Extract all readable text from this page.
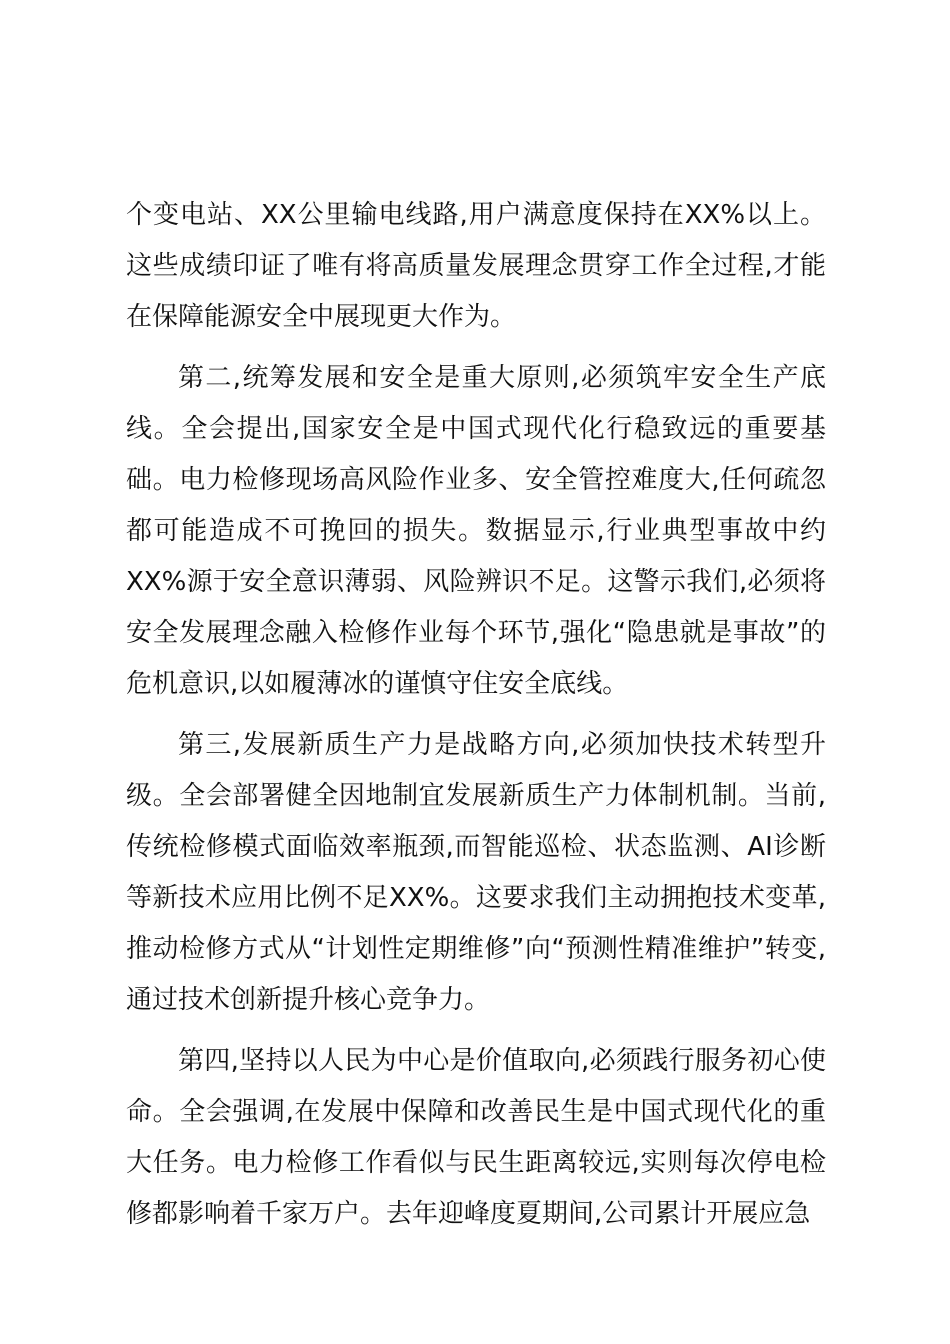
个变电站、XX公里输电线路,用户满意度保持在XX%以上。这些成绩印证了唯有将高质量发展理念贯穿工作全过程,才能在保障能源安全中展现更大作为。

第二,统筹发展和安全是重大原则,必须筑牢安全生产底线。全会提出,国家安全是中国式现代化行稳致远的重要基础。电力检修现场高风险作业多、安全管控难度大,任何疏忽都可能造成不可挽回的损失。数据显示,行业典型事故中约XX%源于安全意识薄弱、风险辨识不足。这警示我们,必须将安全发展理念融入检修作业每个环节,强化“隐患就是事故”的危机意识,以如履薄冰的谨慎守住安全底线。

第三,发展新质生产力是战略方向,必须加快技术转型升级。全会部署健全因地制宜发展新质生产力体制机制。当前,传统检修模式面临效率瓶颈,而智能巡检、状态监测、AI诊断等新技术应用比例不足XX%。这要求我们主动拥抱技术变革,推动检修方式从“计划性定期维修”向“预测性精准维护”转变,通过技术创新提升核心竞争力。

第四,坚持以人民为中心是价值取向,必须践行服务初心使命。全会强调,在发展中保障和改善民生是中国式现代化的重大任务。电力检修工作看似与民生距离较远,实则每次停电检修都影响着千家万户。去年迎峰度夏期间,公司累计开展应急
